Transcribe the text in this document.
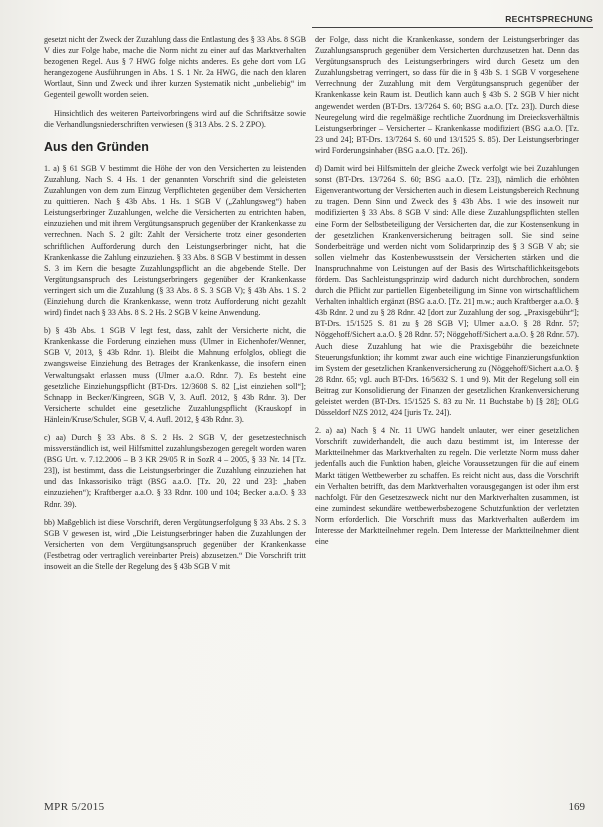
RECHTSPRECHUNG

gesetzt nicht der Zweck der Zuzahlung dass die Entlastung des § 33 Abs. 8 SGB V dies zur Folge habe, mache die Norm nicht zu einer auf das Marktverhalten bezogenen Regel. Aus § 7 HWG folge nichts anderes. Es gehe dort vom LG herangezogene Ausführungen in Abs. 1 S. 1 Nr. 2a HWG, die nach den klaren Wortlaut, Sinn und Zweck und ihrer kurzen Systematik nicht „unbeliebig“ im Gegenteil gewollt worden seien.

Hinsichtlich des weiteren Parteivorbringens wird auf die Schriftsätze sowie die Verhandlungsniederschriften verwiesen (§ 313 Abs. 2 S. 2 ZPO).

Aus den Gründen

1. a) § 61 SGB V bestimmt die Höhe der von den Versicherten zu leistenden Zuzahlung. Nach S. 4 Hs. 1 der genannten Vorschrift sind die geleisteten Zuzahlungen von dem zum Einzug Verpflichteten gegenüber dem Versicherten zu quittieren. Nach § 43b Abs. 1 Hs. 1 SGB V („Zahlungsweg“) haben Leistungserbringer Zuzahlungen, welche die Versicherten zu entrichten haben, einzuziehen und mit ihrem Vergütungsanspruch gegenüber der Krankenkasse zu verrechnen. Nach S. 2 gilt: Zahlt der Versicherte trotz einer gesonderten schriftlichen Aufforderung durch den Leistungserbringer nicht, hat die Krankenkasse die Zahlung einzuziehen. § 33 Abs. 8 SGB V bestimmt in dessen S. 3 im Kern die besagte Zuzahlungspflicht an die abgebende Stelle. Der Vergütungsanspruch des Leistungserbringers gegenüber der Krankenkasse verringert sich um die Zuzahlung (§ 33 Abs. 8 S. 3 SGB V); § 43b Abs. 1 S. 2 (Einziehung durch die Krankenkasse, wenn trotz Aufforderung nicht gezahlt wird) findet nach § 33 Abs. 8 S. 2 Hs. 2 SGB V keine Anwendung.

b) § 43b Abs. 1 SGB V legt fest, dass, zahlt der Versicherte nicht, die Krankenkasse die Forderung einziehen muss (Ulmer in Eichenhofer/Wenner, SGB V, 2013, § 43b Rdnr. 1). Bleibt die Mahnung erfolglos, obliegt die zwangsweise Einziehung des Betrages der Krankenkasse, die insofern einen Verwaltungsakt erlassen muss (Ulmer a.a.O. Rdnr. 7). Es besteht eine gesetzliche Einziehungspflicht (BT-Drs. 12/3608 S. 82 [„ist einziehen soll“]; Schnapp in Becker/Kingreen, SGB V, 3. Aufl. 2012, § 43b Rdnr. 3). Der Versicherte schuldet eine gesetzliche Zuzahlungspflicht (Krauskopf in Hänlein/Kruse/Schuler, SGB V, 4. Aufl. 2012, § 43b Rdnr. 3).

c) aa) Durch § 33 Abs. 8 S. 2 Hs. 2 SGB V, der gesetzestechnisch missverständlich ist, weil Hilfsmittel zuzahlungsbezogen geregelt worden waren (BSG Urt. v. 7.12.2006 – B 3 KR 29/05 R in SozR 4 – 2005, § 33 Nr. 14 [Tz. 23]), ist bestimmt, dass die Leistungserbringer die Zuzahlung einzuziehen hat und das Inkassorisiko trägt (BSG a.a.O. [Tz. 20, 22 und 23]: „haben einzuziehen“); Kraftberger a.a.O. § 33 Rdnr. 100 und 104; Becker a.a.O. § 33 Rdnr. 39).

bb) Maßgeblich ist diese Vorschrift, deren Vergütungserfolgung § 33 Abs. 2 S. 3 SGB V gewesen ist, wird „Die Leistungserbringer haben die Zuzahlungen der Versicherten von dem Vergütungsanspruch gegenüber der Krankenkasse (Festbetrag oder vertraglich vereinbarter Preis) abzusetzen.“ Die Vorschrift tritt insoweit an die Stelle der Regelung des § 43b SGB V mit

der Folge, dass nicht die Krankenkasse, sondern der Leistungserbringer das Zuzahlungsanspruch gegenüber dem Versicherten durchzusetzen hat. Denn das Vergütungsanspruch des Leistungserbringers wird durch Gesetz um den Zuzahlungsbetrag verringert, so dass für die in § 43b S. 1 SGB V vorgesehene Verrechnung der Zuzahlung mit dem Vergütungsanspruch gegenüber der Krankenkasse kein Raum ist. Deutlich kann auch § 43b S. 2 SGB V hier nicht angewendet werden (BT-Drs. 13/7264 S. 60; BSG a.a.O. [Tz. 23]). Durch diese Neuregelung wird die regelmäßige rechtliche Zuordnung im Dreiecksverhältnis Leistungserbringer – Versicherter – Krankenkasse modifiziert (BSG a.a.O. [Tz. 23 und 24]; BT-Drs. 13/7264 S. 60 und 13/1525 S. 85). Der Leistungserbringer wird Forderungsinhaber (BSG a.a.O. [Tz. 26]).

d) Damit wird bei Hilfsmitteln der gleiche Zweck verfolgt wie bei Zuzahlungen sonst (BT-Drs. 13/7264 S. 60; BSG a.a.O. [Tz. 23]), nämlich die erhöhten Eigenverantwortung der Versicherten auch in diesem Leistungsbereich Rechnung zu tragen. Denn Sinn und Zweck des § 43b Abs. 1 wie des insoweit nur modifizierten § 33 Abs. 8 SGB V sind: Alle diese Zuzahlungspflichten stellen eine Form der Selbstbeteiligung der Versicherten dar, die zur Kostensenkung in der gesetzlichen Krankenversicherung beitragen soll. Sie sind seine Sonderbeiträge und werden nicht vom Solidarprinzip des § 3 SGB V ab; sie sollen vielmehr das Kostenbewusstsein der Versicherten stärken und die Inanspruchnahme von Leistungen auf der Basis des Wirtschaftlichkeitsgebots fördern. Das Sachleistungsprinzip wird dadurch nicht durchbrochen, sondern durch die Pflicht zur partiellen Eigenbeteiligung im Sinne von wirtschaftlichem Verhalten inhaltlich ergänzt (BSG a.a.O. [Tz. 21] m.w.; auch Kraftberger a.a.O. § 43b Rdnr. 2 und zu § 28 Rdnr. 42 [dort zur Zuzahlung der sog. „Praxisgebühr“]; BT-Drs. 15/1525 S. 81 zu § 28 SGB V]; Ulmer a.a.O. § 28 Rdnr. 57; Nöggehoff/Sichert a.a.O. § 28 Rdnr. 57; Nöggehoff/Sichert a.a.O. § 28 Rdnr. 57). Auch diese Zuzahlung hat wie die Praxisgebühr die bezeichnete Steuerungsfunktion; ihr kommt zwar auch eine wichtige Finanzierungsfunktion im System der gesetzlichen Krankenversicherung zu (Nöggehoff/Sichert a.a.O. § 28 Rdnr. 65; vgl. auch BT-Drs. 16/5632 S. 1 und 9). Mit der Regelung soll ein Beitrag zur Konsolidierung der Finanzen der gesetzlichen Krankenversicherung geleistet werden (BT-Drs. 15/1525 S. 83 zu Nr. 11 Buchstabe b) [§ 28]; OLG Düsseldorf NZS 2012, 424 [juris Tz. 24]).

2. a) aa) Nach § 4 Nr. 11 UWG handelt unlauter, wer einer gesetzlichen Vorschrift zuwiderhandelt, die auch dazu bestimmt ist, im Interesse der Marktteilnehmer das Marktverhalten zu regeln. Die verletzte Norm muss daher jedenfalls auch die Funktion haben, gleiche Voraussetzungen für die auf einem Markt tätigen Wettbewerber zu schaffen. Es reicht nicht aus, dass die Vorschrift ein Verhalten betrifft, das dem Marktverhalten vorausgegangen ist oder ihm erst nachfolgt. Für den Gesetzeszweck nicht nur den Marktverhalten zusammen, ist eine zumindest sekundäre wettbewerbsbezogene Schutzfunktion der verletzten Norm erforderlich. Die Vorschrift muss das Marktverhalten außerdem im Interesse der Marktteilnehmer regeln. Dem Interesse der Marktteilnehmer dient eine

MPR 5/2015	169
